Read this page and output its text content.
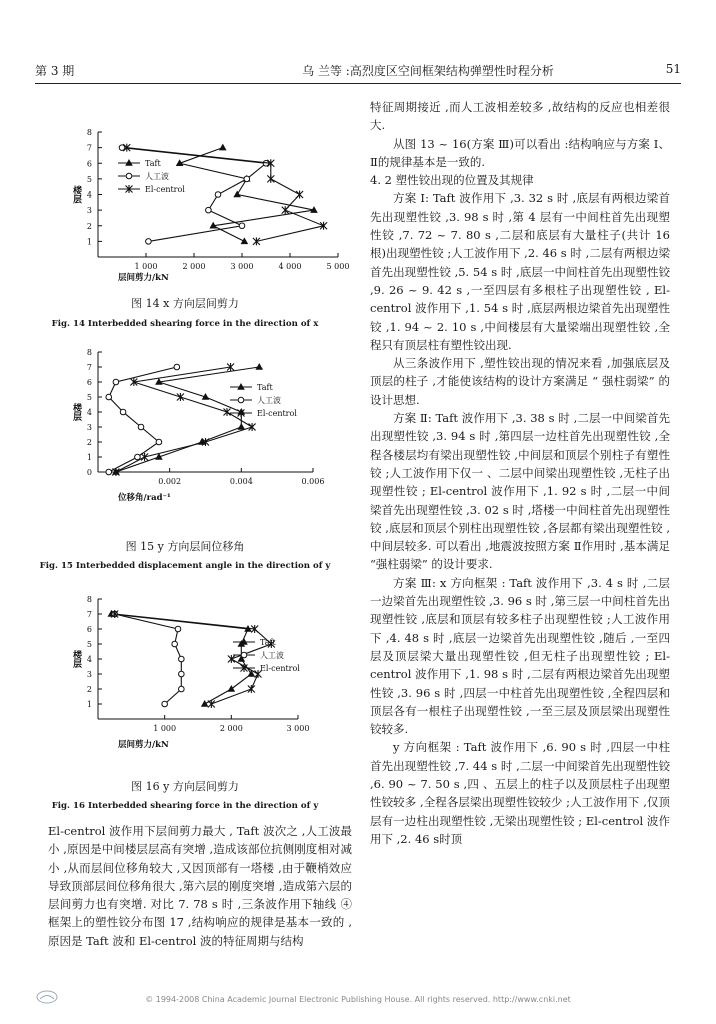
第 3 期	乌 兰等 :高烈度区空间框架结构弹塑性时程分析	51
1 000	2 000	3 000	4 000	5 000
1
2
3
4
5
6
7
8
层间剪力/kN
楼层
Taft
人工波
El-centrol
图 14 x 方向层间剪力
Fig. 14 Interbedded shearing force in the direction of x
0.002	0.004	0.006
0
1
2
3
4
5
6
7
8
位移角/rad⁻¹
楼层
Taft
人工波
El-centrol
图 15 y 方向层间位移角
Fig. 15 Interbedded displacement angle in the direction of y
1 000	2 000	3 000
1
2
3
4
5
6
7
8
层间剪力/kN
楼层
Taft
人工波
El-centrol
图 16 y 方向层间剪力
Fig. 16 Interbedded shearing force in the direction of y

El-centrol 波作用下层间剪力最大 , Taft 波次之 ,人工波最小 ,原因是中间楼层层高有突增 ,造成该部位抗侧刚度相对减小 ,从而层间位移角较大 ,又因顶部有一塔楼 ,由于鞭梢效应导致顶部层间位移角很大 ,第六层的刚度突增 ,造成第六层的层间剪力也有突增. 对比 7. 78 s 时 ,三条波作用下轴线 ④框架上的塑性铰分布图 17 ,结构响应的规律是基本一致的 ,原因是 Taft 波和 El-centrol 波的特征周期与结构

特征周期接近 ,而人工波相差较多 ,故结构的反应也相差很大.

从图 13 ~ 16(方案 Ⅲ)可以看出 :结构响应与方案 Ⅰ、Ⅱ的规律基本是一致的.

4. 2 塑性铰出现的位置及其规律

方案 Ⅰ: Taft 波作用下 ,3. 32 s 时 ,底层有两根边梁首先出现塑性铰 ,3. 98 s 时 ,第 4 层有一中间柱首先出现塑性铰 ,7. 72 ~ 7. 80 s ,二层和底层有大量柱子(共计 16 根)出现塑性铰 ;人工波作用下 ,2. 46 s 时 ,二层有两根边梁首先出现塑性铰 ,5. 54 s 时 ,底层一中间柱首先出现塑性铰 ,9. 26 ~ 9. 42 s ,一至四层有多根柱子出现塑性铰 , El-centrol 波作用下 ,1. 54 s 时 ,底层两根边梁首先出现塑性铰 ,1. 94 ~ 2. 10 s ,中间楼层有大量梁端出现塑性铰 ,全程只有顶层柱有塑性铰出现.

从三条波作用下 ,塑性铰出现的情况来看 ,加强底层及顶层的柱子 ,才能使该结构的设计方案满足 “ 强柱弱梁” 的设计思想.

方案 Ⅱ: Taft 波作用下 ,3. 38 s 时 ,二层一中间梁首先出现塑性铰 ,3. 94 s 时 ,第四层一边柱首先出现塑性铰 ,全程各楼层均有梁出现塑性铰 ,中间层和顶层个别柱子有塑性铰 ;人工波作用下仅一 、二层中间梁出现塑性铰 ,无柱子出现塑性铰 ; El-centrol 波作用下 ,1. 92 s 时 ,二层一中间梁首先出现塑性铰 ,3. 02 s 时 ,塔楼一中间柱首先出现塑性铰 ,底层和顶层个别柱出现塑性铰 ,各层都有梁出现塑性铰 ,中间层较多. 可以看出 ,地震波按照方案 Ⅱ作用时 ,基本满足 “强柱弱梁” 的设计要求.

方案 Ⅲ: x 方向框架 : Taft 波作用下 ,3. 4 s 时 ,二层一边梁首先出现塑性铰 ,3. 96 s 时 ,第三层一中间柱首先出现塑性铰 ,底层和顶层有较多柱子出现塑性铰 ;人工波作用下 ,4. 48 s 时 ,底层一边梁首先出现塑性铰 ,随后 ,一至四层及顶层梁大量出现塑性铰 ,但无柱子出现塑性铰 ; El-centrol 波作用下 ,1. 98 s 时 ,二层有两根边梁首先出现塑性铰 ,3. 96 s 时 ,四层一中柱首先出现塑性铰 ,全程四层和顶层各有一根柱子出现塑性铰 ,一至三层及顶层梁出现塑性铰较多.

y 方向框架 : Taft 波作用下 ,6. 90 s 时 ,四层一中柱首先出现塑性铰 ,7. 44 s 时 ,二层一中间梁首先出现塑性铰 ,6. 90 ~ 7. 50 s ,四 、五层上的柱子以及顶层柱子出现塑性铰较多 ,全程各层梁出现塑性铰较少 ;人工波作用下 ,仅顶层有一边柱出现塑性铰 ,无梁出现塑性铰 ; El-centrol 波作用下 ,2. 46 s时顶

© 1994-2008 China Academic Journal Electronic Publishing House. All rights reserved. http://www.cnki.net
